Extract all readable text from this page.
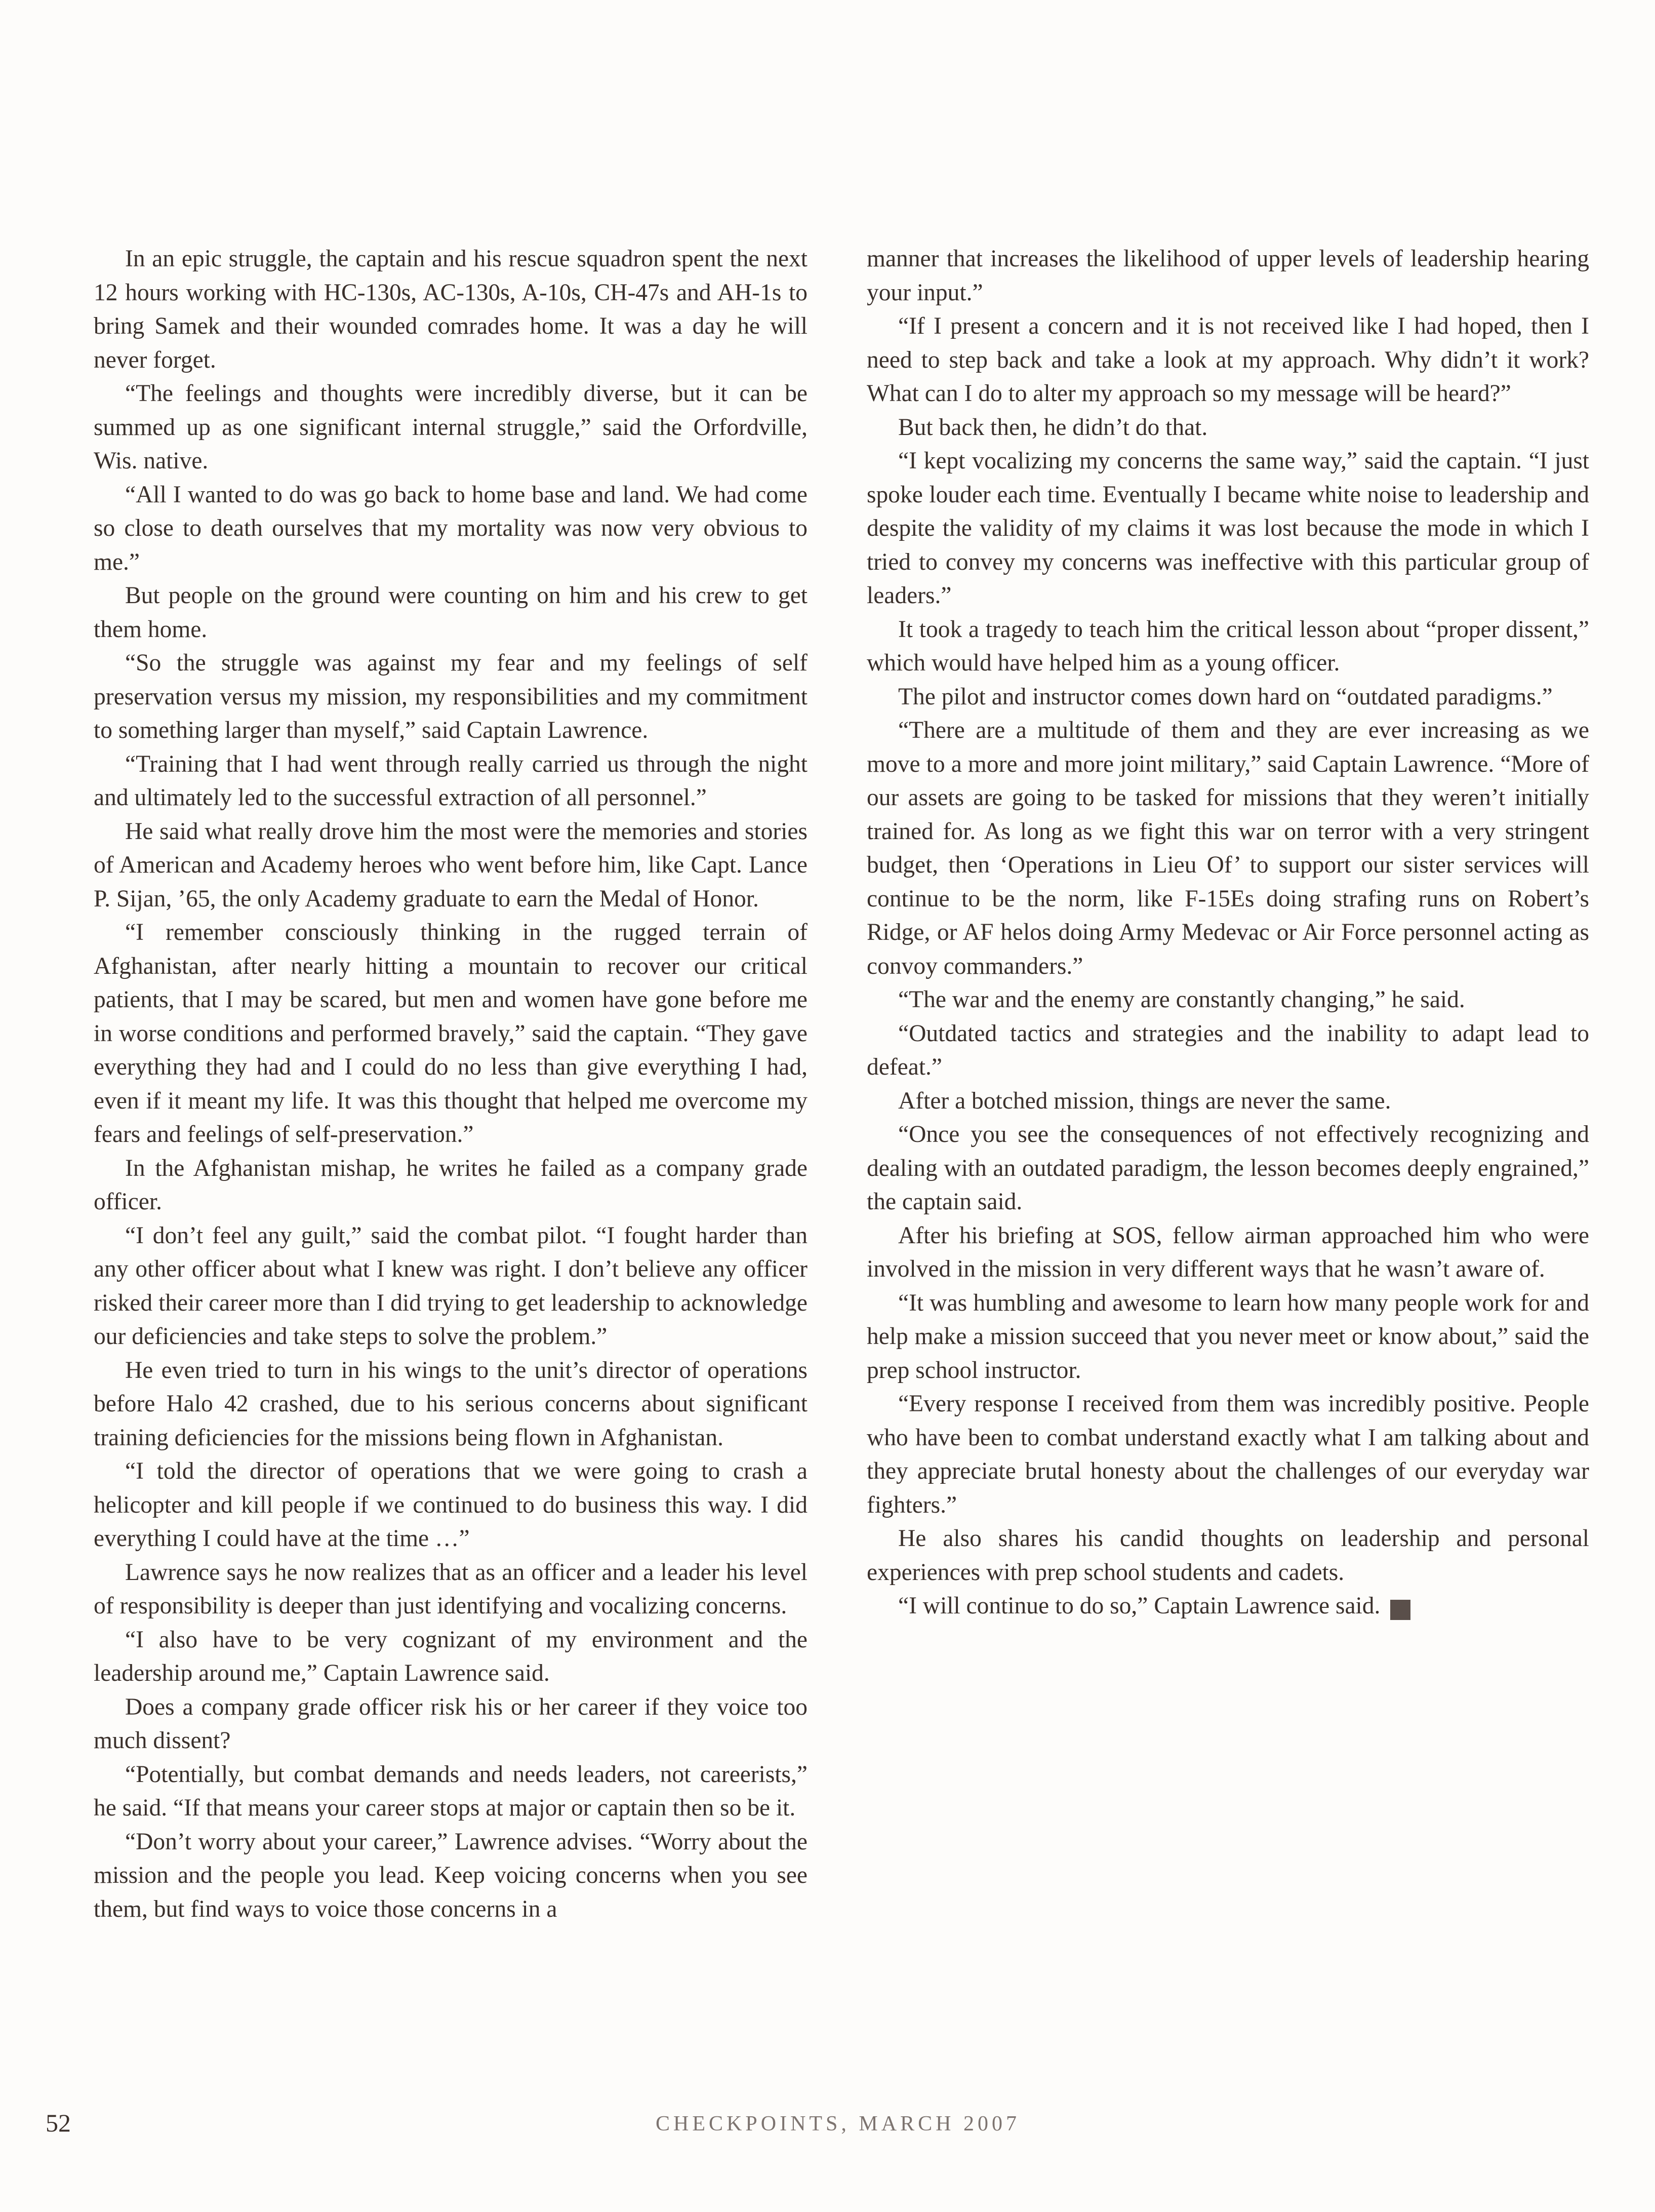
In an epic struggle, the captain and his rescue squadron spent the next 12 hours working with HC-130s, AC-130s, A-10s, CH-47s and AH-1s to bring Samek and their wounded comrades home. It was a day he will never forget.

“The feelings and thoughts were incredibly diverse, but it can be summed up as one significant internal struggle,” said the Orfordville, Wis. native.

“All I wanted to do was go back to home base and land. We had come so close to death ourselves that my mortality was now very obvious to me.”

But people on the ground were counting on him and his crew to get them home.

“So the struggle was against my fear and my feelings of self preservation versus my mission, my responsibilities and my commitment to something larger than myself,” said Captain Lawrence.

“Training that I had went through really carried us through the night and ultimately led to the successful extraction of all personnel.”

He said what really drove him the most were the memories and stories of American and Academy heroes who went before him, like Capt. Lance P. Sijan, ’65, the only Academy graduate to earn the Medal of Honor.

“I remember consciously thinking in the rugged terrain of Afghanistan, after nearly hitting a mountain to recover our critical patients, that I may be scared, but men and women have gone before me in worse conditions and performed bravely,” said the captain. “They gave everything they had and I could do no less than give everything I had, even if it meant my life. It was this thought that helped me overcome my fears and feelings of self-preservation.”

In the Afghanistan mishap, he writes he failed as a company grade officer.

“I don’t feel any guilt,” said the combat pilot. “I fought harder than any other officer about what I knew was right. I don’t believe any officer risked their career more than I did trying to get leadership to acknowledge our deficiencies and take steps to solve the problem.”

He even tried to turn in his wings to the unit’s director of operations before Halo 42 crashed, due to his serious concerns about significant training deficiencies for the missions being flown in Afghanistan.

“I told the director of operations that we were going to crash a helicopter and kill people if we continued to do business this way. I did everything I could have at the time …”

Lawrence says he now realizes that as an officer and a leader his level of responsibility is deeper than just identifying and vocalizing concerns.

“I also have to be very cognizant of my environment and the leadership around me,” Captain Lawrence said.

Does a company grade officer risk his or her career if they voice too much dissent?

“Potentially, but combat demands and needs leaders, not careerists,” he said. “If that means your career stops at major or captain then so be it.

“Don’t worry about your career,” Lawrence advises. “Worry about the mission and the people you lead. Keep voicing concerns when you see them, but find ways to voice those concerns in a

manner that increases the likelihood of upper levels of leadership hearing your input.”

“If I present a concern and it is not received like I had hoped, then I need to step back and take a look at my approach. Why didn’t it work? What can I do to alter my approach so my message will be heard?”

But back then, he didn’t do that.

“I kept vocalizing my concerns the same way,” said the captain. “I just spoke louder each time. Eventually I became white noise to leadership and despite the validity of my claims it was lost because the mode in which I tried to convey my concerns was ineffective with this particular group of leaders.”

It took a tragedy to teach him the critical lesson about “proper dissent,” which would have helped him as a young officer.

The pilot and instructor comes down hard on “outdated paradigms.”

“There are a multitude of them and they are ever increasing as we move to a more and more joint military,” said Captain Lawrence. “More of our assets are going to be tasked for missions that they weren’t initially trained for. As long as we fight this war on terror with a very stringent budget, then ‘Operations in Lieu Of’ to support our sister services will continue to be the norm, like F-15Es doing strafing runs on Robert’s Ridge, or AF helos doing Army Medevac or Air Force personnel acting as convoy commanders.”

“The war and the enemy are constantly changing,” he said.

“Outdated tactics and strategies and the inability to adapt lead to defeat.”

After a botched mission, things are never the same.

“Once you see the consequences of not effectively recognizing and dealing with an outdated paradigm, the lesson becomes deeply engrained,” the captain said.

After his briefing at SOS, fellow airman approached him who were involved in the mission in very different ways that he wasn’t aware of.

“It was humbling and awesome to learn how many people work for and help make a mission succeed that you never meet or know about,” said the prep school instructor.

“Every response I received from them was incredibly positive. People who have been to combat understand exactly what I am talking about and they appreciate brutal honesty about the challenges of our everyday war fighters.”

He also shares his candid thoughts on leadership and personal experiences with prep school students and cadets.

“I will continue to do so,” Captain Lawrence said. ✓

52	CHECKPOINTS, MARCH 2007
